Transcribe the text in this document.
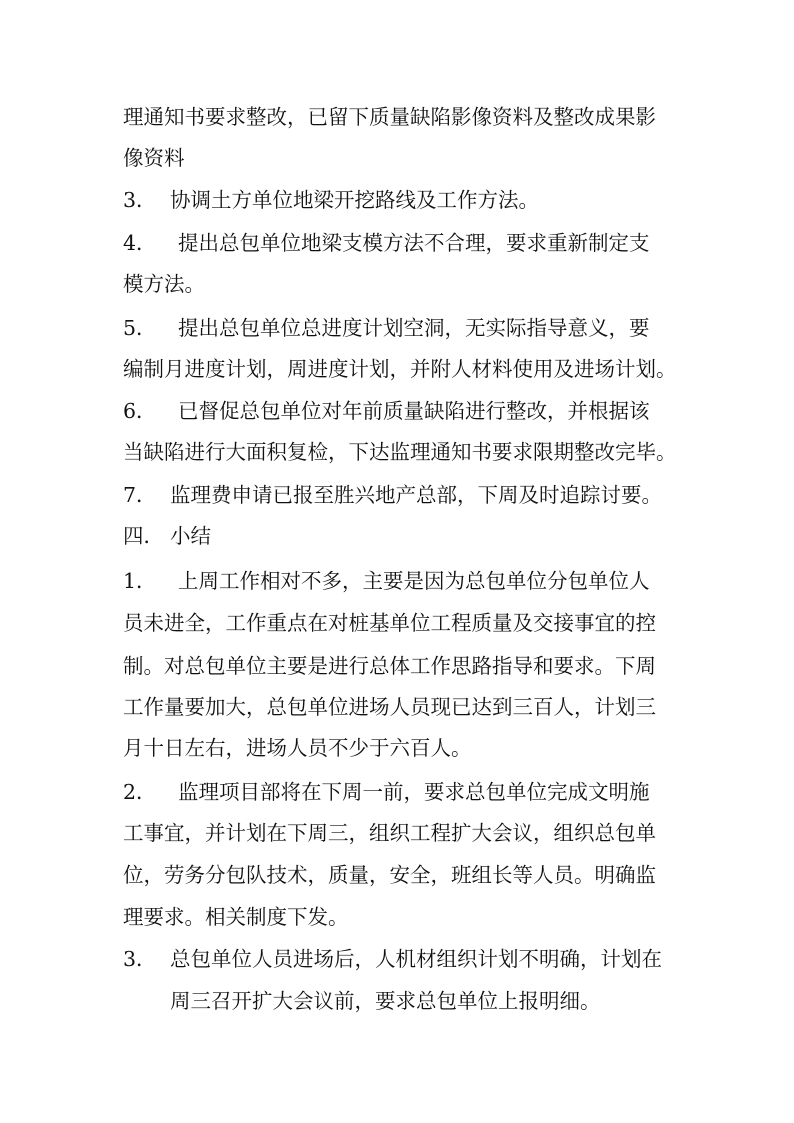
理通知书要求整改，已留下质量缺陷影像资料及整改成果影
像资料
3． 协调土方单位地梁开挖路线及工作方法。
4． 提出总包单位地梁支模方法不合理，要求重新制定支
模方法。
5． 提出总包单位总进度计划空洞，无实际指导意义，要
编制月进度计划，周进度计划，并附人材料使用及进场计划。
6． 已督促总包单位对年前质量缺陷进行整改，并根据该
当缺陷进行大面积复检，下达监理通知书要求限期整改完毕。
7． 监理费申请已报至胜兴地产总部，下周及时追踪讨要。
四． 小结
1． 上周工作相对不多，主要是因为总包单位分包单位人
员未进全，工作重点在对桩基单位工程质量及交接事宜的控
制。对总包单位主要是进行总体工作思路指导和要求。下周
工作量要加大，总包单位进场人员现已达到三百人，计划三
月十日左右，进场人员不少于六百人。
2． 监理项目部将在下周一前，要求总包单位完成文明施
工事宜，并计划在下周三，组织工程扩大会议，组织总包单
位，劳务分包队技术，质量，安全，班组长等人员。明确监
理要求。相关制度下发。
3． 总包单位人员进场后，人机材组织计划不明确，计划在
周三召开扩大会议前，要求总包单位上报明细。
